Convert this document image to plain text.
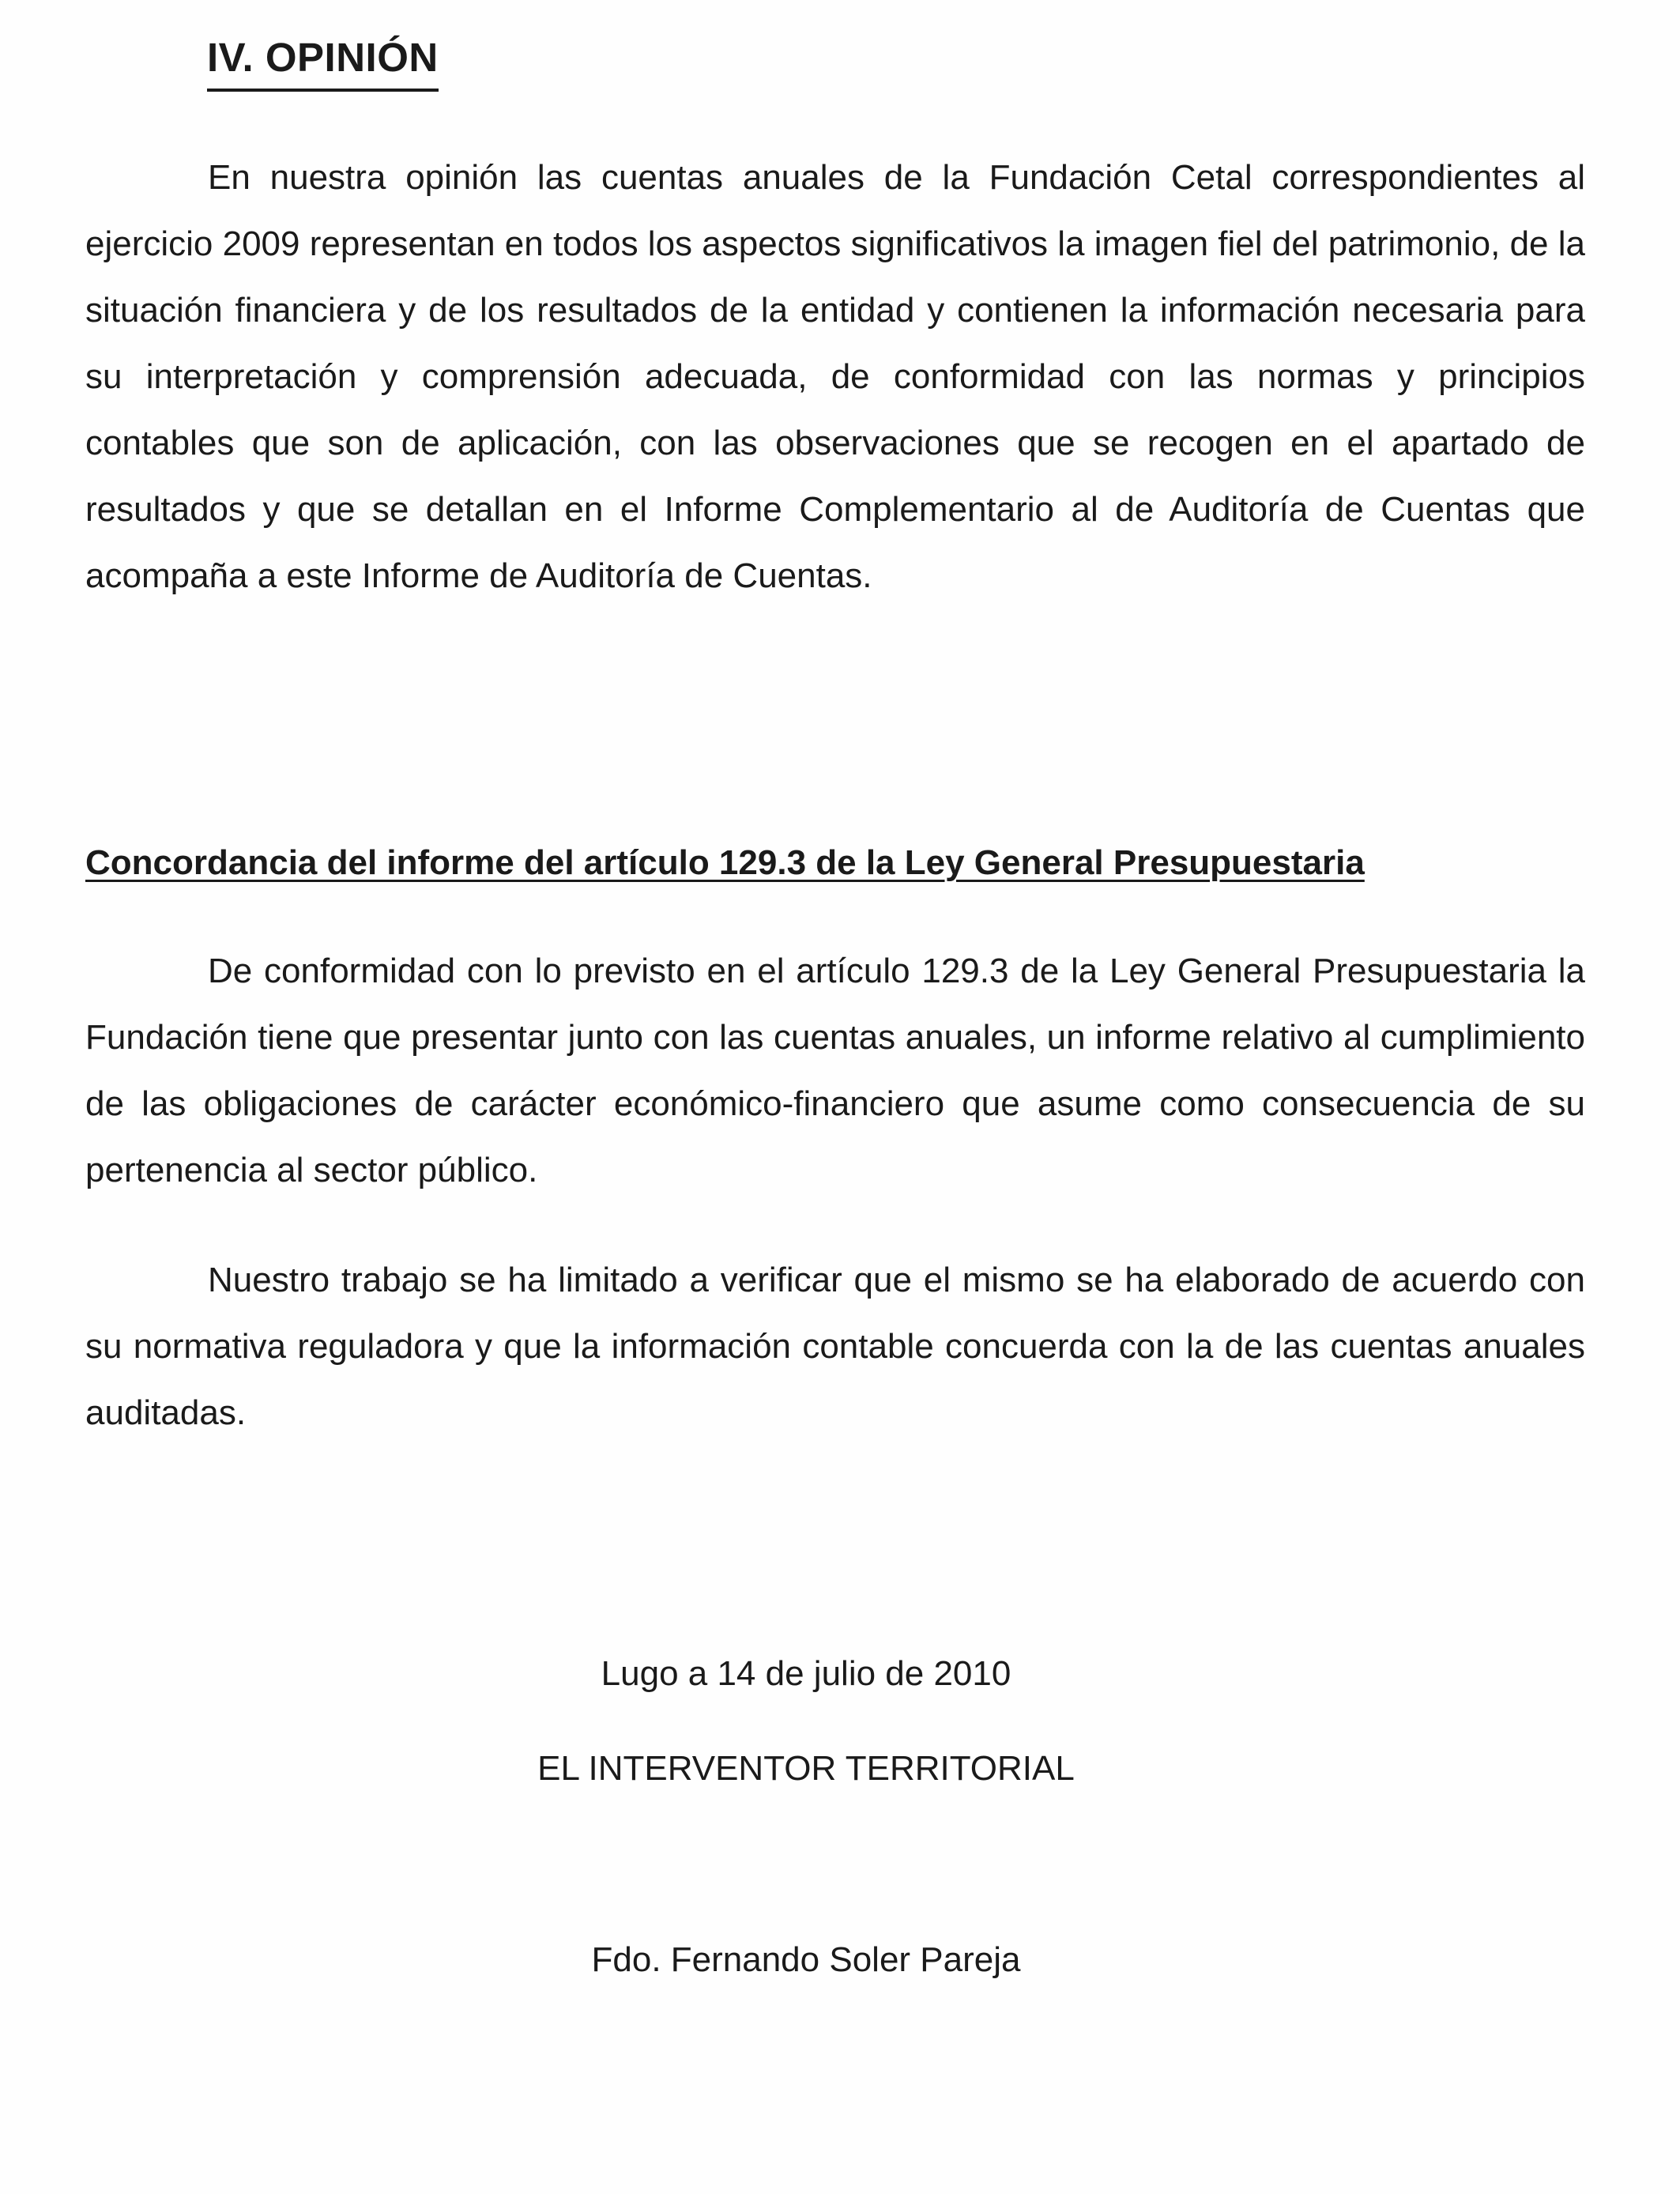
IV. OPINIÓN

En nuestra opinión las cuentas anuales de la Fundación Cetal correspondientes al ejercicio 2009 representan en todos los aspectos significativos la imagen fiel del patrimonio, de la situación financiera y de los resultados de la entidad y contienen la información necesaria para su interpretación y comprensión adecuada, de conformidad con las normas y principios contables que son de aplicación, con las observaciones que se recogen en el apartado de resultados y que se detallan en el Informe Complementario al de Auditoría de Cuentas que acompaña a este Informe de Auditoría de Cuentas.

Concordancia del informe del artículo 129.3 de la Ley General Presupuestaria

De conformidad con lo previsto en el artículo 129.3 de la Ley General Presupuestaria la Fundación tiene que presentar junto con las cuentas anuales, un informe relativo al cumplimiento de las obligaciones de carácter económico-financiero que asume como consecuencia de su pertenencia al sector público.

Nuestro trabajo se ha limitado a verificar que el mismo se ha elaborado de acuerdo con su normativa reguladora y que la información contable concuerda con la de las cuentas anuales auditadas.

Lugo a 14 de julio de 2010

EL INTERVENTOR TERRITORIAL

Fdo. Fernando Soler Pareja
